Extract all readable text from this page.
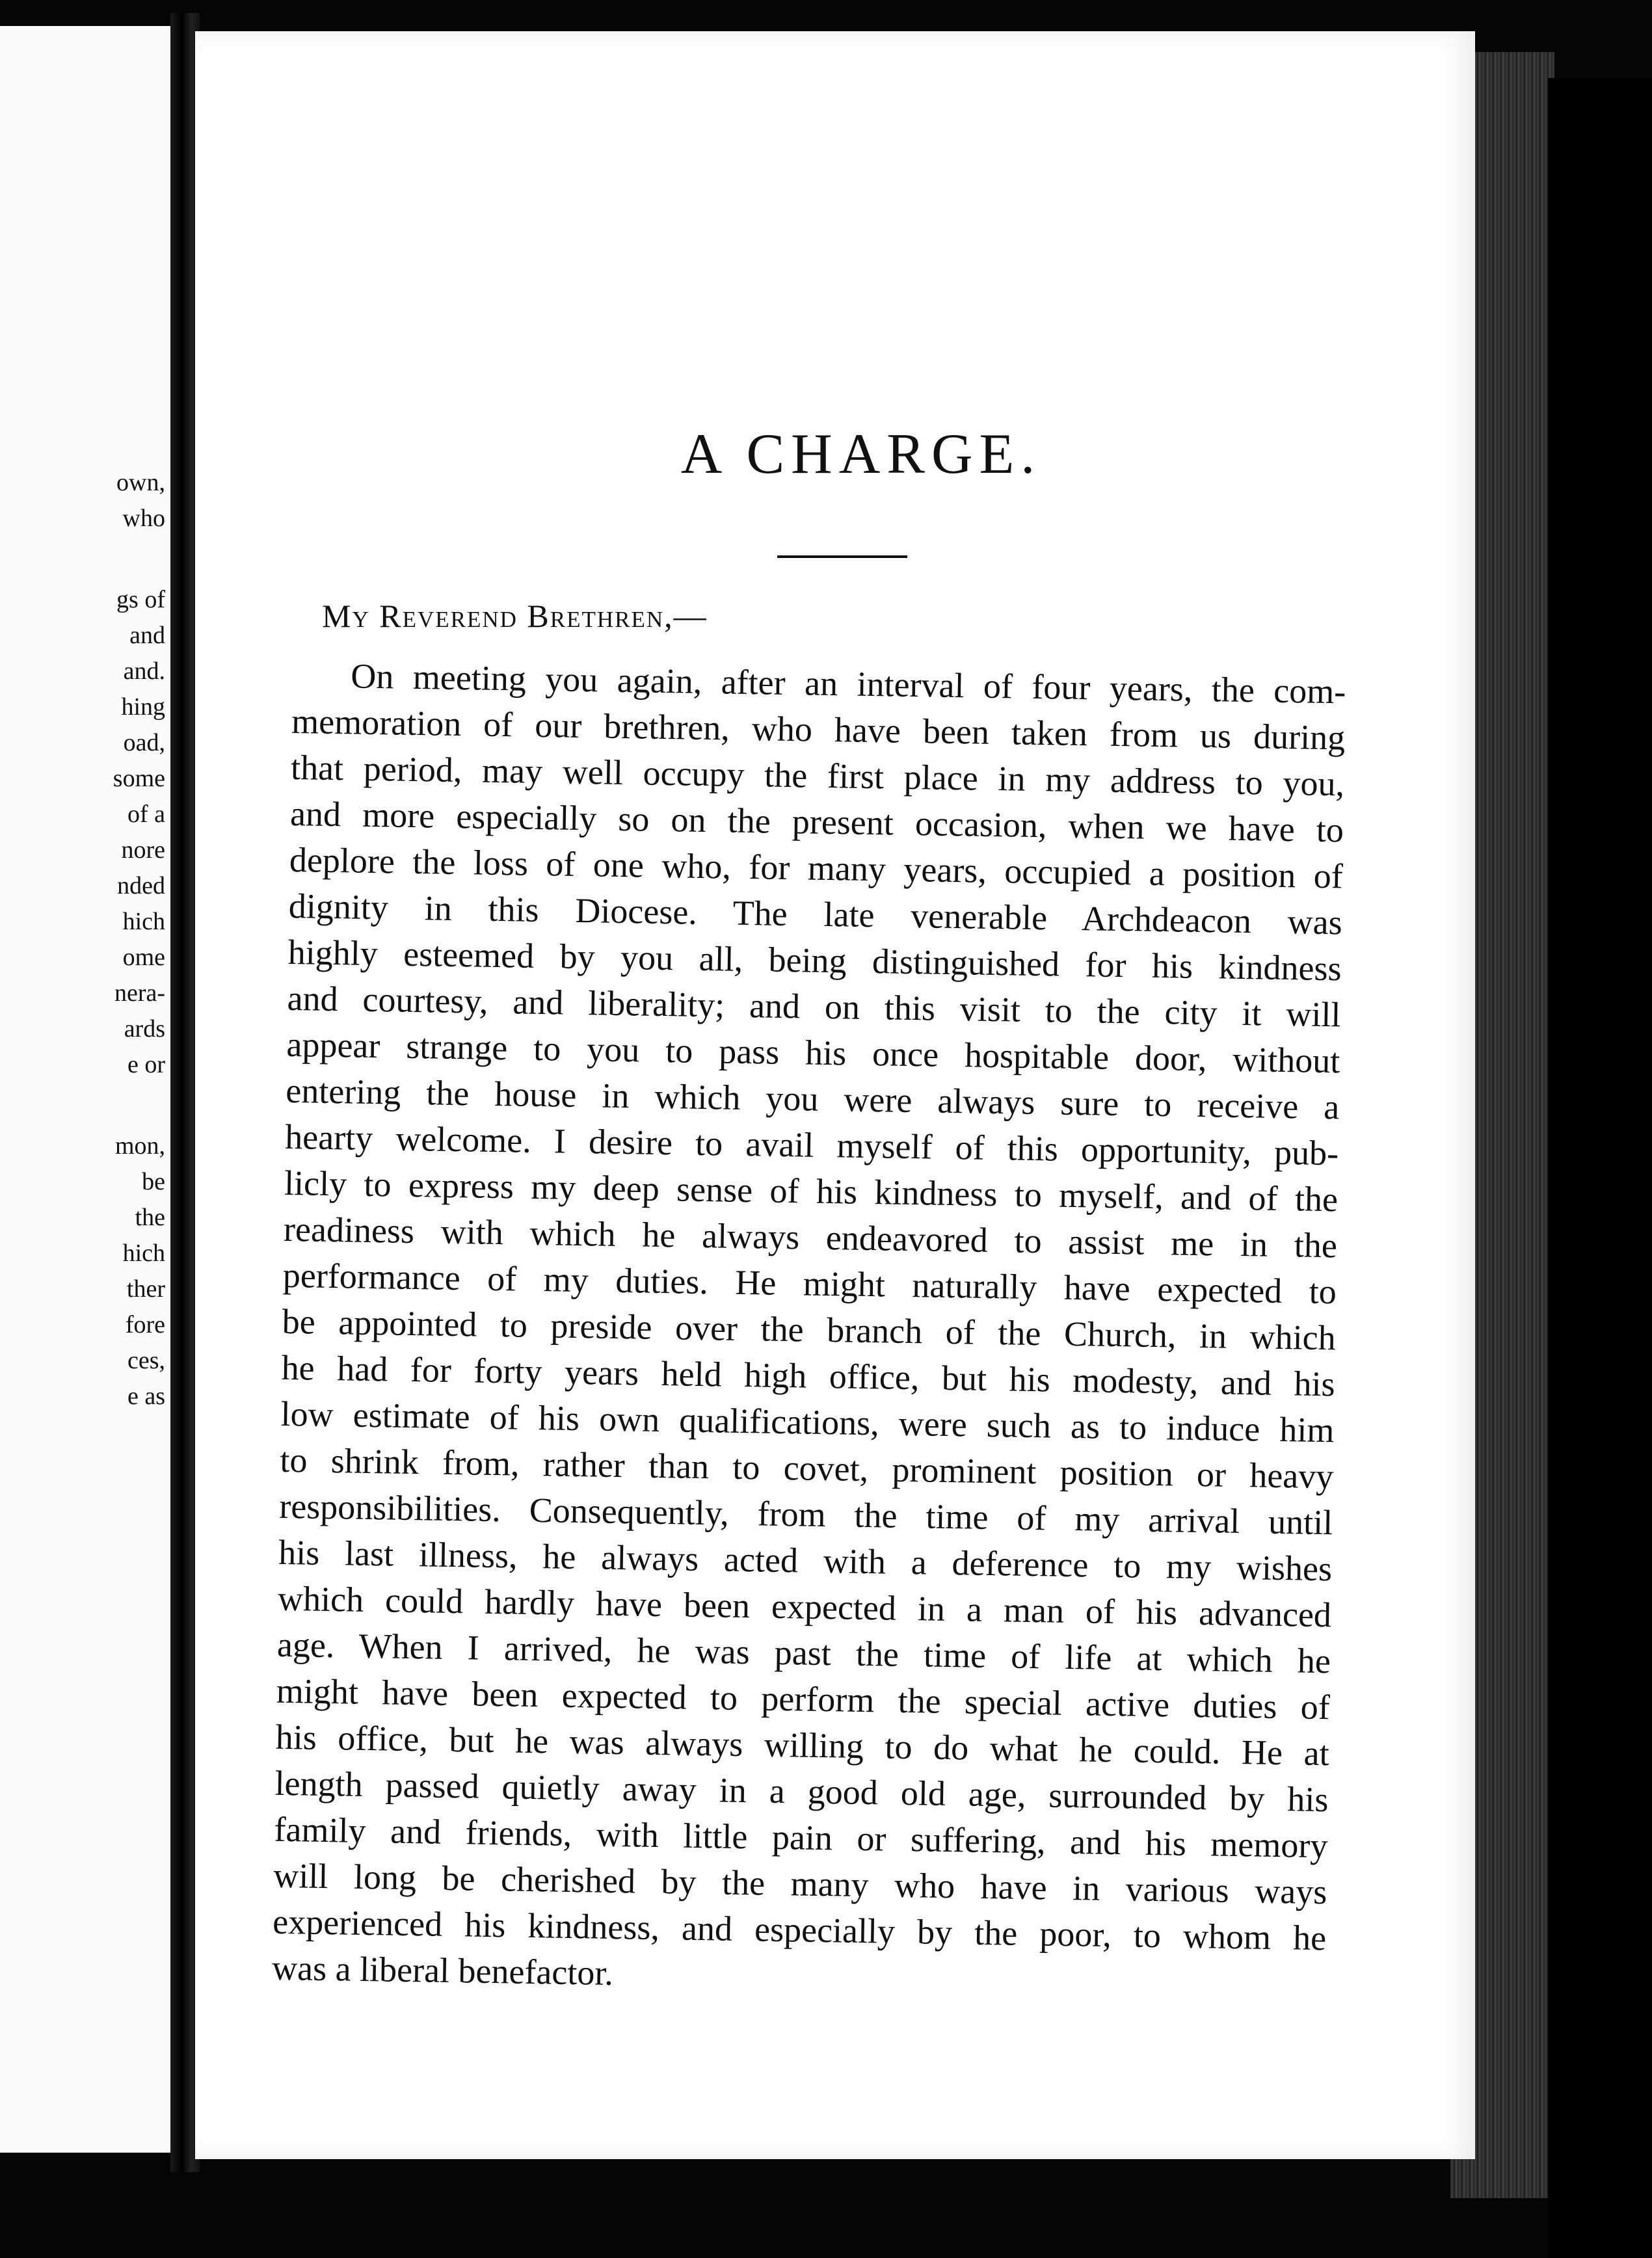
own,
who
gs of
and
and.
hing
oad,
some
of a
nore
nded
hich
ome
nera-
ards
e or
mon,
be
the
hich
ther
fore
ces,
e as
A CHARGE.
My Reverend Brethren,—
On meeting you again, after an interval of four years, the com-
memoration of our brethren, who have been taken from us during
that period, may well occupy the first place in my address to you,
and more especially so on the present occasion, when we have to
deplore the loss of one who, for many years, occupied a position of
dignity in this Diocese. The late venerable Archdeacon was
highly esteemed by you all, being distinguished for his kindness
and courtesy, and liberality; and on this visit to the city it will
appear strange to you to pass his once hospitable door, without
entering the house in which you were always sure to receive a
hearty welcome. I desire to avail myself of this opportunity, pub-
licly to express my deep sense of his kindness to myself, and of the
readiness with which he always endeavored to assist me in the
performance of my duties. He might naturally have expected to
be appointed to preside over the branch of the Church, in which
he had for forty years held high office, but his modesty, and his
low estimate of his own qualifications, were such as to induce him
to shrink from, rather than to covet, prominent position or heavy
responsibilities. Consequently, from the time of my arrival until
his last illness, he always acted with a deference to my wishes
which could hardly have been expected in a man of his advanced
age. When I arrived, he was past the time of life at which he
might have been expected to perform the special active duties of
his office, but he was always willing to do what he could. He at
length passed quietly away in a good old age, surrounded by his
family and friends, with little pain or suffering, and his memory
will long be cherished by the many who have in various ways
experienced his kindness, and especially by the poor, to whom he
was a liberal benefactor.
